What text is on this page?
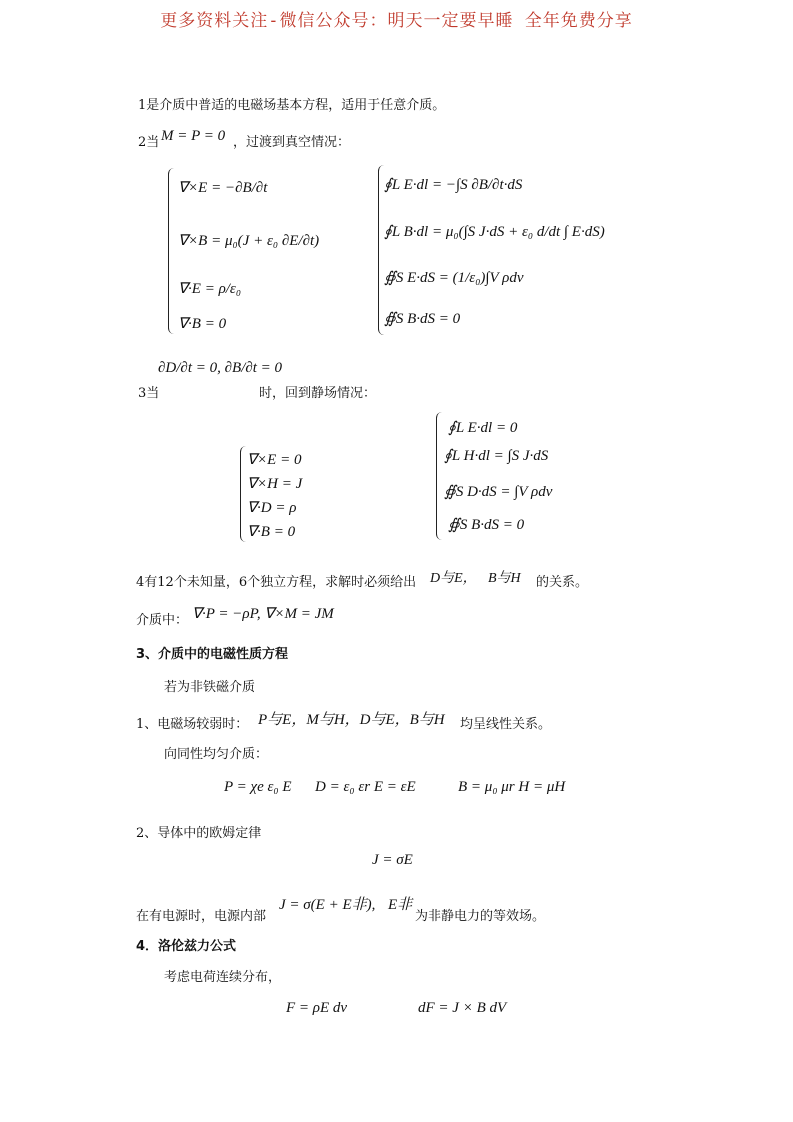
更多资料关注-微信公众号：明天一定要早睡 全年免费分享
1是介质中普适的电磁场基本方程，适用于任意介质。
2当 M = P = 0 ，过渡到真空情况：
∇×E = −∂B/∂t
∇×B = μ₀(J + ε₀ ∂E/∂t)
∇·E = ρ/ε₀
∇·B = 0
∮L E·dl = −∫S ∂B/∂t·dS
∮L B·dl = μ₀(∫S J·dS + ε₀ d/dt ∫ E·dS)
∯S E·dS = (1/ε₀)∫V ρdv
∯S B·dS = 0
∂D/∂t = 0, ∂B/∂t = 0
3当	时，回到静场情况：
∇×E = 0
∇×H = J
∇·D = ρ
∇·B = 0
∮L E·dl = 0
∮L H·dl = ∫S J·dS
∯S D·dS = ∫V ρdv
∯S B·dS = 0
4有12个未知量，6个独立方程，求解时必须给出 D与E， B与H 的关系。
介质中： ∇·P = −ρP, ∇×M = JM
3、介质中的电磁性质方程
若为非铁磁介质
1、电磁场较弱时： P与E，M与H，D与E，B与H 均呈线性关系。
向同性均匀介质：
P = χe ε₀ E D = ε₀ εr E = εE	B = μ₀ μr H = μH
2、导体中的欧姆定律
J = σE
在有电源时，电源内部
J = σ(E + E非), E非
为非静电力的等效场。
4．洛伦兹力公式
考虑电荷连续分布，
F = ρE dv	dF = J × B dV
